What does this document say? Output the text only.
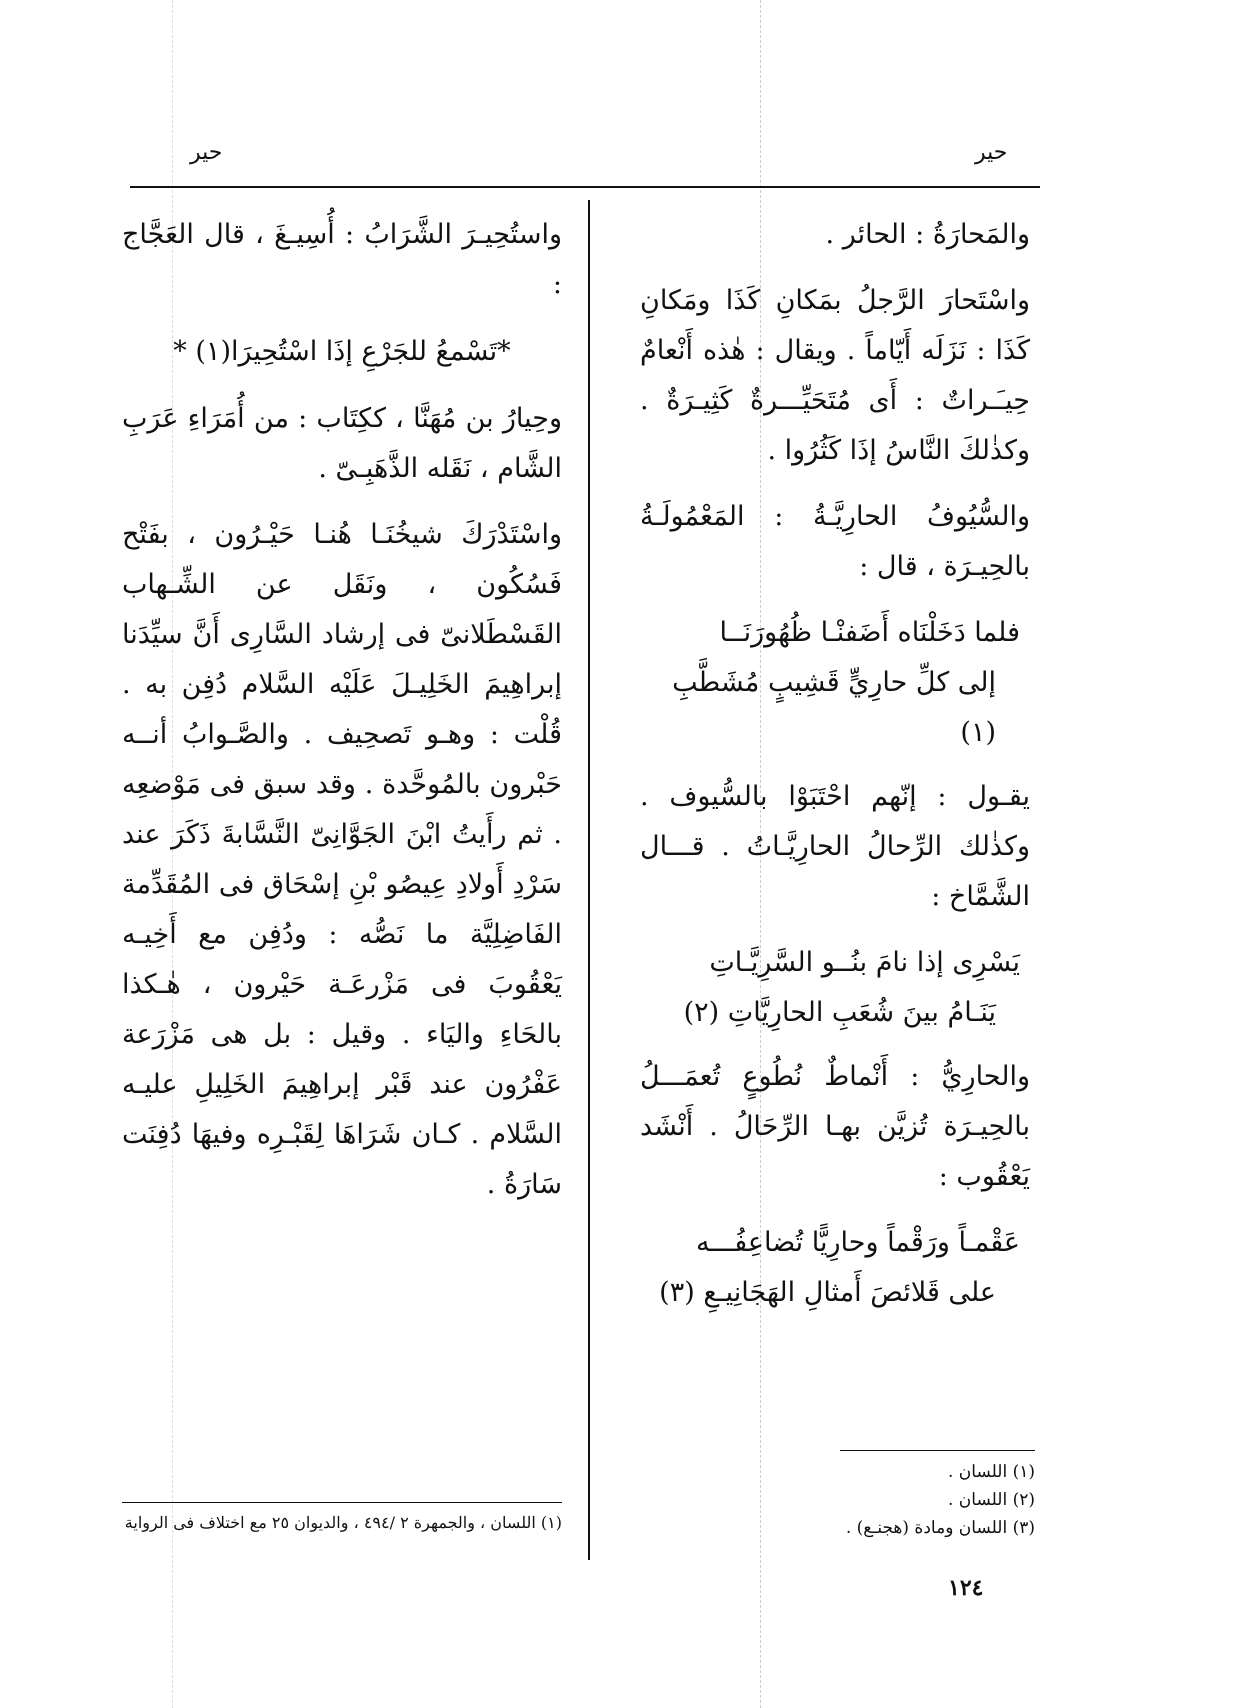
حير
حير

والمَحارَةُ : الحائر .

واسْتَحارَ الرَّجلُ بمَكانِ كَذَا ومَكانِ كَذَا : نَزَلَه أَيّاماً . ويقال : هٰذه أَنْعامٌ حِيـَـراتٌ : أَى مُتَحَيِّـــرةٌ كَثِيـرَةٌ . وكذٰلكَ النَّاسُ إذَا كَثُرُوا .

والسُّيُوفُ الحارِيَّـةُ : المَعْمُولَـةُ بالحِيـرَة ، قال :

فلما دَخَلْنَاه أَضَفنْـا ظُهُورَنَــا
إلى كلِّ حارِيٍّ قَشِيبٍ مُشَطَّبِ (١)

يقـول : إنّهم احْتَبَوْا بالسُّيوف . وكذٰلك الرِّحالُ الحارِيَّـاتُ . قـــال الشَّمَّاخ :

يَسْرِى إذا نامَ بنُــو السَّرِيَّـاتِ
يَنَـامُ بينَ شُعَبِ الحارِيَّاتِ (٢)

والحارِيُّ : أَنْماطٌ نُطُوعٍ تُعمَـــلُ بالحِيـرَة تُزيَّن بهـا الرِّحَالُ . أَنْشَد يَعْقُوب :

عَقْمـاً ورَقْماً وحارِيًّا تُضاعِفُـــه
على قَلائصَ أَمثالِ الهَجَانِيـعِ (٣)

واستُحِيـرَ الشَّرَابُ : أُسِيـغَ ، قال العَجَّاج :

*تَسْمعُ للجَرْعِ إذَا اسْتُحِيرَا(١) *

وحِيارُ بن مُهَنَّا ، ككِتَاب : من أُمَرَاءِ عَرَبِ الشَّام ، نَقَله الذَّهَبِـىّ .

واسْتَدْرَكَ شيخُنَـا هُنـا حَيْـرُون ، بفَتْح فَسُكُون ، ونَقَل عن الشِّـهاب القَسْطَلانىّ فى إرشاد السَّارِى أَنَّ سيِّدَنا إبراهِيمَ الخَلِيـلَ عَلَيْه السَّلام دُفِن به . قُلْت : وهـو تَصحِيف . والصَّـوابُ أنــه حَبْرون بالمُوحَّدة . وقد سبق فى مَوْضعِه . ثم رأَيتُ ابْنَ الجَوَّانِىّ النَّسَّابةَ ذَكَرَ عند سَرْدِ أَولادِ عِيصُو بْنِ إسْحَاق فى المُقَدِّمة الفَاضِلِيَّة ما نَصُّه : ودُفِن مع أَخِيـه يَعْقُوبَ فى مَزْرعَـة حَيْرون ، هٰـكذا بالحَاءِ واليَاء . وقيل : بل هى مَزْرَعة عَفْرُون عند قَبْر إبراهِيمَ الخَلِيلِ عليـه السَّلام . كـان شَرَاهَا لِقَبْـرِه وفيهَا دُفِنَت سَارَةُ .

(١) اللسان .
(٢) اللسان .
(٣) اللسان ومادة (هجنـع) .
(١) اللسان ، والجمهرة ٢ /٤٩٤ ، والديوان ٢٥ مع اختلاف فى الرواية
١٢٤
